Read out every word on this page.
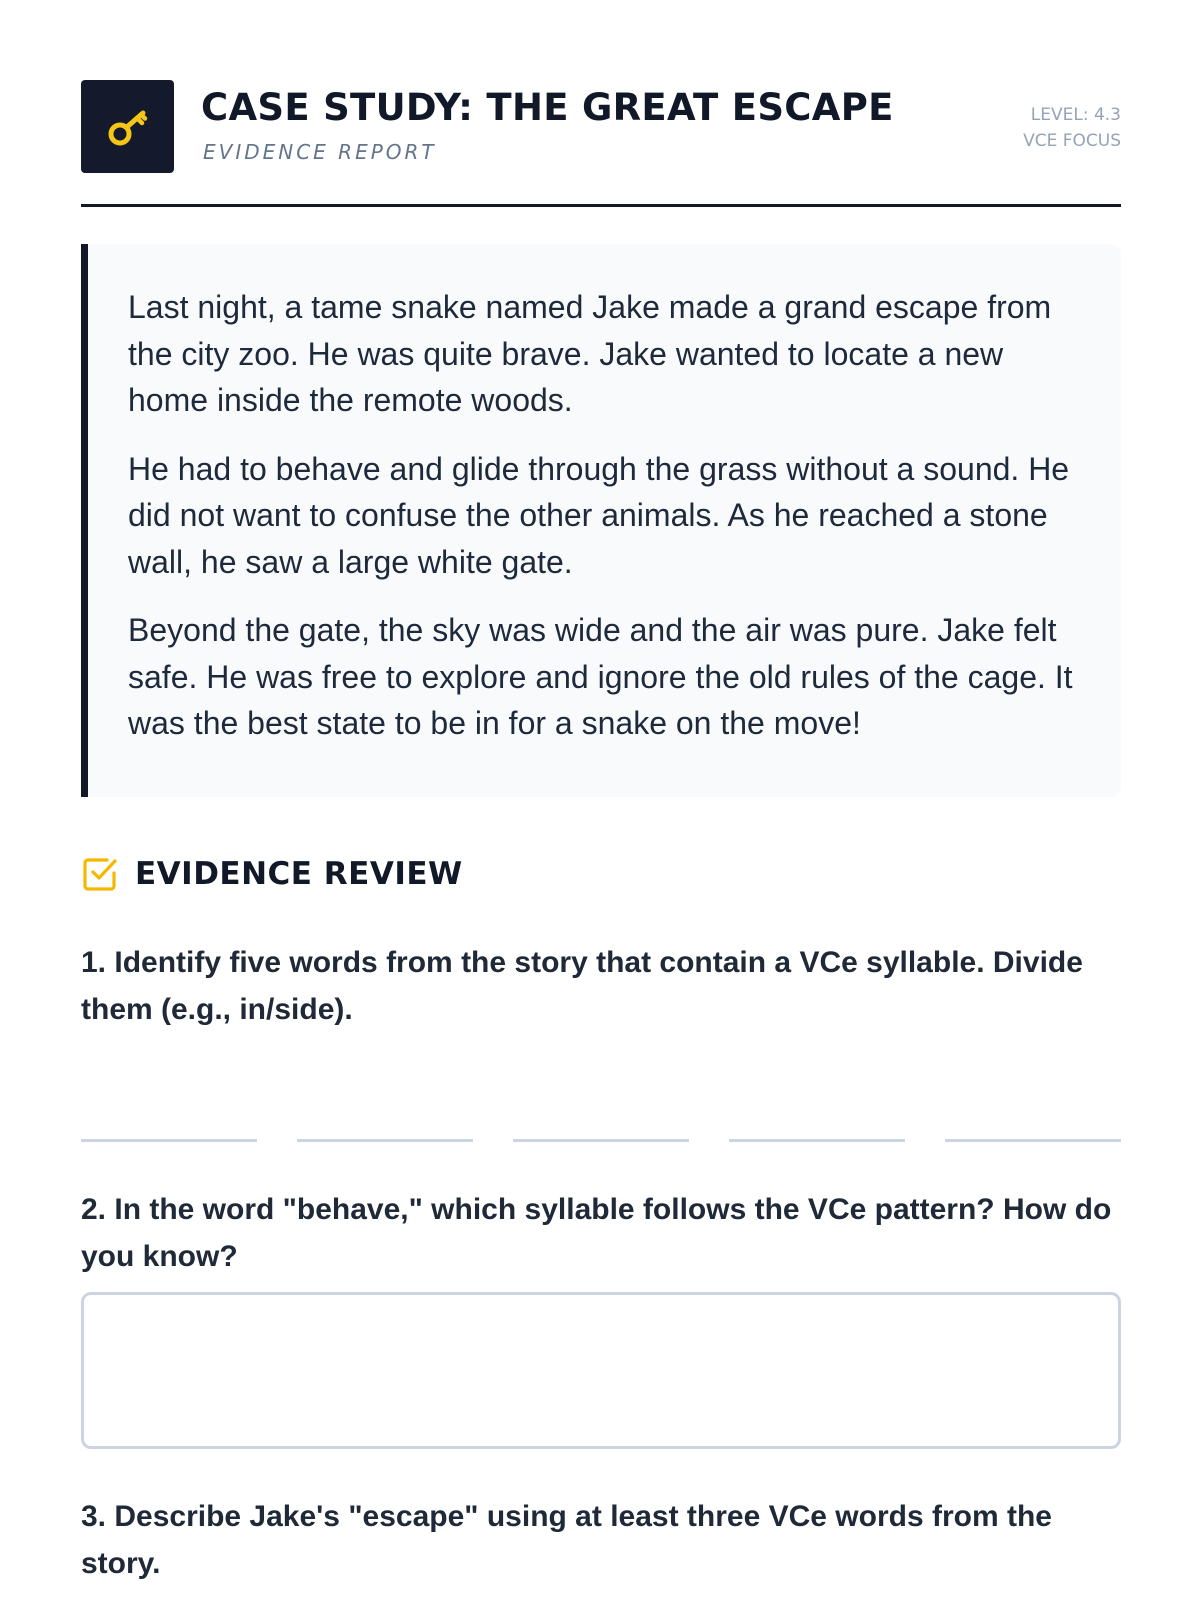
CASE STUDY: THE GREAT ESCAPE
EVIDENCE REPORT
LEVEL: 4.3
VCE FOCUS

Last night, a tame snake named Jake made a grand escape from the city zoo. He was quite brave. Jake wanted to locate a new home inside the remote woods.

He had to behave and glide through the grass without a sound. He did not want to confuse the other animals. As he reached a stone wall, he saw a large white gate.

Beyond the gate, the sky was wide and the air was pure. Jake felt safe. He was free to explore and ignore the old rules of the cage. It was the best state to be in for a snake on the move!

EVIDENCE REVIEW

1. Identify five words from the story that contain a VCe syllable. Divide them (e.g., in/side).

2. In the word "behave," which syllable follows the VCe pattern? How do you know?

3. Describe Jake's "escape" using at least three VCe words from the story.
